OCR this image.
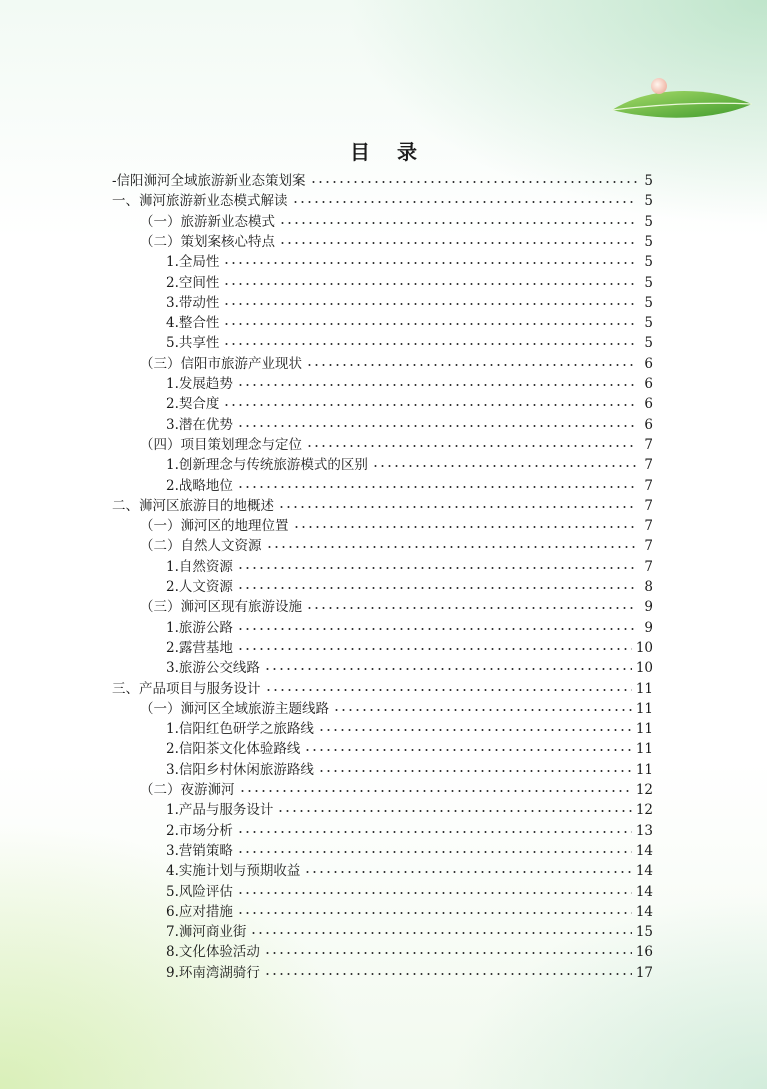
目 录
-信阳浉河全域旅游新业态策划案	5
一、浉河旅游新业态模式解读	5
（一）旅游新业态模式	5
（二）策划案核心特点	5
1.全局性	5
2.空间性	5
3.带动性	5
4.整合性	5
5.共享性	5
（三）信阳市旅游产业现状	6
1.发展趋势	6
2.契合度	6
3.潜在优势	6
（四）项目策划理念与定位	7
1.创新理念与传统旅游模式的区别	7
2.战略地位	7
二、浉河区旅游目的地概述	7
（一）浉河区的地理位置	7
（二）自然人文资源	7
1.自然资源	7
2.人文资源	8
（三）浉河区现有旅游设施	9
1.旅游公路	9
2.露营基地	10
3.旅游公交线路	10
三、产品项目与服务设计	11
（一）浉河区全域旅游主题线路	11
1.信阳红色研学之旅路线	11
2.信阳茶文化体验路线	11
3.信阳乡村休闲旅游路线	11
（二）夜游浉河	12
1.产品与服务设计	12
2.市场分析	13
3.营销策略	14
4.实施计划与预期收益	14
5.风险评估	14
6.应对措施	14
7.浉河商业街	15
8.文化体验活动	16
9.环南湾湖骑行	17
